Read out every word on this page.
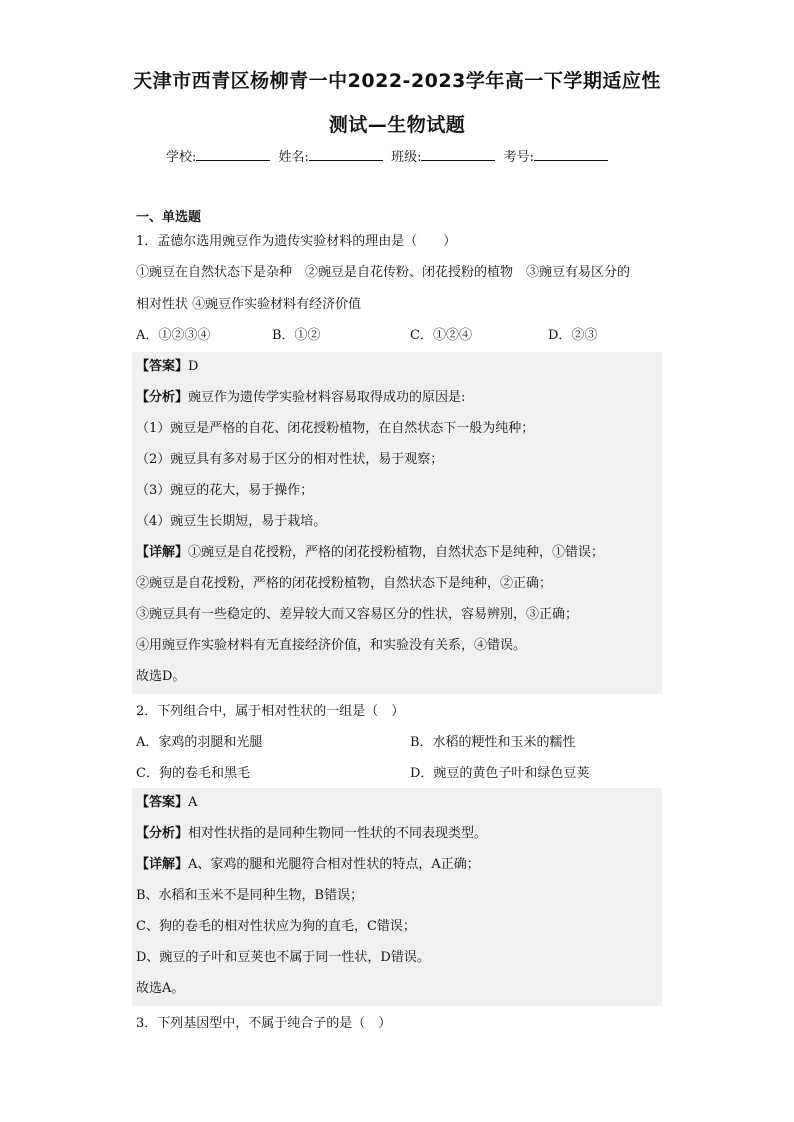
天津市西青区杨柳青一中2022-2023学年高一下学期适应性
测试—生物试题
学校:	姓名:	班级:	考号:
一、单选题
1．孟德尔选用豌豆作为遗传实验材料的理由是（　　）
①豌豆在自然状态下是杂种　②豌豆是自花传粉、闭花授粉的植物　③豌豆有易区分的
相对性状 ④豌豆作实验材料有经济价值
A．①②③④	B．①②	C．①②④	D．②③
【答案】D
【分析】豌豆作为遗传学实验材料容易取得成功的原因是:
（1）豌豆是严格的自花、闭花授粉植物，在自然状态下一般为纯种；
（2）豌豆具有多对易于区分的相对性状，易于观察；
（3）豌豆的花大，易于操作；
（4）豌豆生长期短，易于栽培。
【详解】①豌豆是自花授粉，严格的闭花授粉植物，自然状态下是纯种，①错误；
②豌豆是自花授粉，严格的闭花授粉植物，自然状态下是纯种，②正确；
③豌豆具有一些稳定的、差异较大而又容易区分的性状，容易辨别，③正确；
④用豌豆作实验材料有无直接经济价值，和实验没有关系，④错误。
故选D。
2．下列组合中，属于相对性状的一组是（　）
A．家鸡的羽腿和光腿	B．水稻的粳性和玉米的糯性
C．狗的卷毛和黑毛	D．豌豆的黄色子叶和绿色豆荚
【答案】A
【分析】相对性状指的是同种生物同一性状的不同表现类型。
【详解】A、家鸡的腿和光腿符合相对性状的特点，A正确；
B、水稻和玉米不是同种生物，B错误；
C、狗的卷毛的相对性状应为狗的直毛，C错误；
D、豌豆的子叶和豆荚也不属于同一性状，D错误。
故选A。
3．下列基因型中，不属于纯合子的是（　）
